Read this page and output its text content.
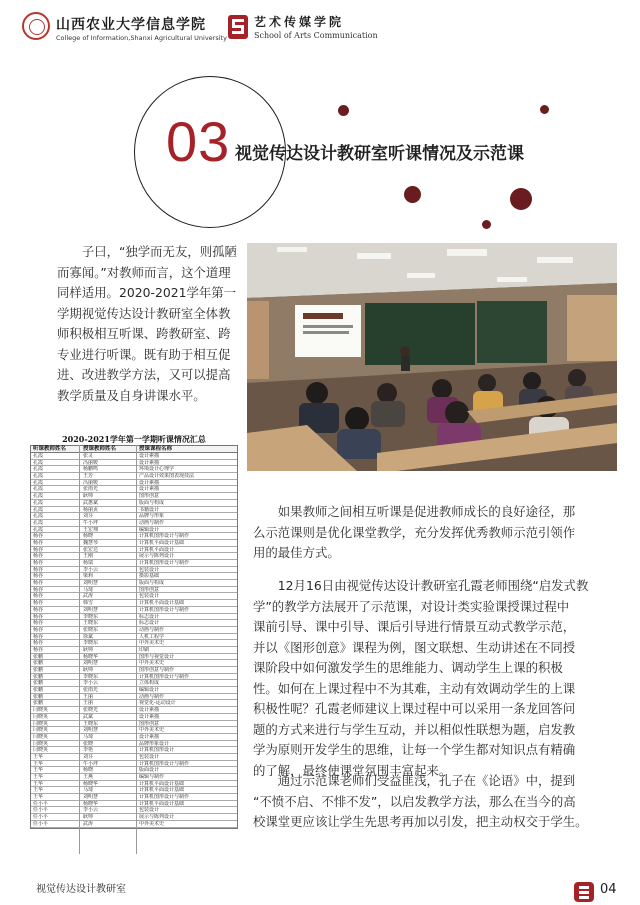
山西农业大学信息学院
College of Information,Shanxi Agricultural University
艺术传媒学院
School of Arts Communication
03 视觉传达设计教研室听课情况及示范课
子曰，“独学而无友，则孤陋
而寡闻。”对教师而言，这个道理
同样适用。2020-2021学年第一
学期视觉传达设计教研室全体教
师积极相互听课、跨教研室、跨
专业进行听课。既有助于相互促
进、改进教学方法，又可以提高
教学质量及自身讲课水平。
2020-2021学年第一学期听课情况汇总
听课教师姓名	授课教师姓名	授课课程名称
孔霞	张灵	设计素描
孔霞	冯丽媛	设计素描
孔霞	杨鹏鸣	环境设计心理学
孔霞	王芳	产品设计效果图表现技法
孔霞	冯丽媛	设计素描
孔霞	张雨光	设计素描
孔霞	耿帅	图形创意
孔霞	武惠斌	版面与构成
孔霞	杨丽贞	书籍设计
孔霞	刘芬	品牌与形象
孔霞	牛小坪	动画与制作
孔霞	王宏翔	编辑设计
杨谷	杨晓	计算机图形设计与制作
杨谷	魏慧琴	计算机平面设计基础
杨谷	张宏达	计算机平面设计
杨谷	王刚	展示与陈列设计
杨谷	杨瑞	计算机图形设计与制作
杨谷	李小云	包装设计
杨谷	梁莉	摄影基础
杨谷	刘明慧	版面与构成
杨谷	马琦	图形创意
杨谷	武涛	包装设计
杨谷	韩雪	计算机平面设计基础
杨谷	刘明慧	计算机图形设计与制作
杨谷	李晓东	标志设计
杨谷	王晓东	标志设计
杨谷	张晓东	动画与制作
杨谷	徐斌	人机工程学
杨谷	李晓东	中外美术史
杨谷	耿帅	印刷
张鹏	杨晓华	图形与视觉设计
张鹏	刘明慧	中外美术史
张鹏	耿帅	图形创意与制作
张鹏	李晓东	计算机图形设计与制作
张鹏	李小云	立体构成
张鹏	张雨光	编辑设计
张鹏	王丽	动画与制作
张鹏	王丽	视觉化-运动设计
闫晓英	张晓光	设计素描
闫晓英	武斌	设计素描
闫晓英	王晓东	图形创意
闫晓英	刘明慧	中外美术史
闫晓英	马琦	设计素描
闫晓英	张晓	品牌形象设计
闫晓英	李艳	计算机图形设计
王华	刘芬	包装设计
王华	牛小坪	计算机图形设计与制作
王华	杨晓	版面设计
王华	王燕	编辑与制作
王华	杨晓华	计算机平面设计基础
王华	马琦	计算机平面设计基础
王华	刘明慧	计算机图形设计与制作
任小平	杨晓华	计算机平面设计基础
任小平	李小云	包装设计
任小平	耿帅	展示与陈列设计
任小平	武涛	中外美术史
如果教师之间相互听课是促进教师成长的良好途径，那
么示范课则是优化课堂教学，充分发挥优秀教师示范引领作
用的最佳方式。
12月16日由视觉传达设计教研室孔霞老师围绕“启发式教
学”的教学方法展开了示范课，对设计类实验课授课过程中
课前引导、课中引导、课后引导进行情景互动式教学示范，
并以《图形创意》课程为例，图文联想、生动讲述在不同授
课阶段中如何激发学生的思维能力、调动学生上课的积极
性。如何在上课过程中不为其难，主动有效调动学生的上课
积极性呢？孔霞老师建议上课过程中可以采用一条龙回答问
题的方式来进行与学生互动，并以相似性联想为题，启发教
学为原则开发学生的思维，让每一个学生都对知识点有精确
的了解，最终使课堂氛围丰富起来。
通过示范课老师们受益匪浅，孔子在《论语》中，提到
“不愤不启、不悱不发”，以启发教学方法，那么在当今的高
校课堂更应该让学生先思考再加以引发，把主动权交于学生。
视觉传达设计教研室	04
